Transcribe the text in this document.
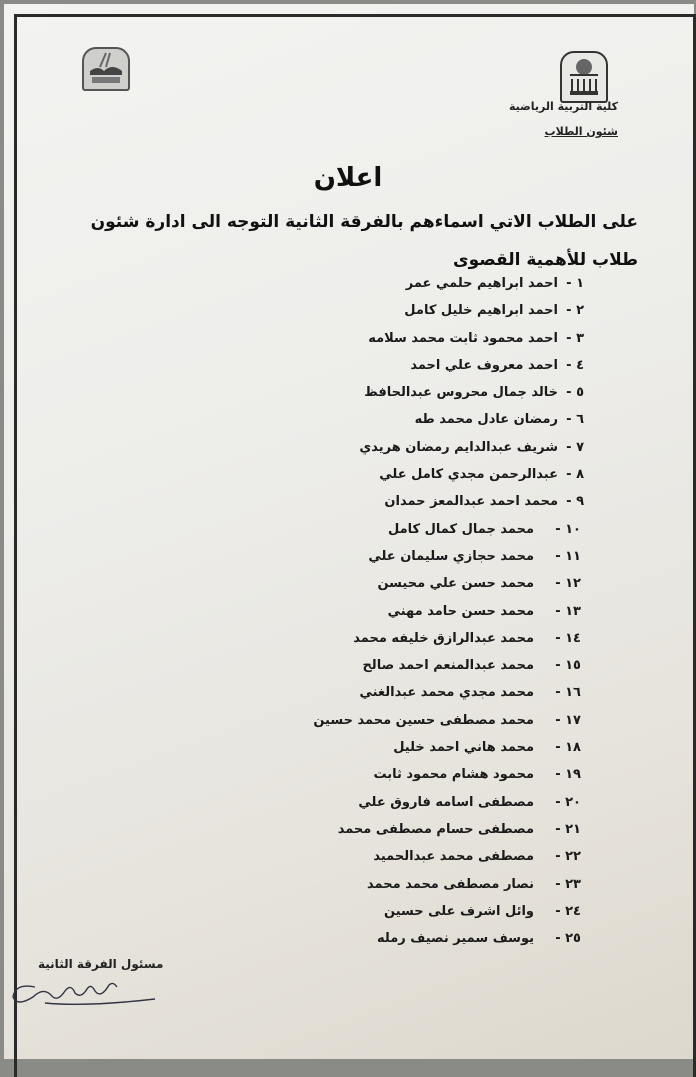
كلية التربية الرياضية
شئون الطلاب
اعلان
على الطلاب الاتي اسماءهم بالفرقة الثانية التوجه الى ادارة شئون طلاب للأهمية القصوى
١ -
احمد ابراهيم حلمي عمر
٢ -
احمد ابراهيم خليل كامل
٣ -
احمد محمود ثابت محمد سلامه
٤ -
احمد معروف علي احمد
٥ -
خالد جمال محروس عبدالحافظ
٦ -
رمضان عادل محمد طه
٧ -
شريف عبدالدايم رمضان هريدي
٨ -
عبدالرحمن مجدي كامل علي
٩ -
محمد احمد عبدالمعز حمدان
١٠ -
محمد جمال كمال كامل
١١ -
محمد حجازي سليمان علي
١٢ -
محمد حسن علي محيسن
١٣ -
محمد حسن حامد مهني
١٤ -
محمد عبدالرازق خليفه محمد
١٥ -
محمد عبدالمنعم احمد صالح
١٦ -
محمد مجدي محمد عبدالغني
١٧ -
محمد مصطفى حسين محمد حسين
١٨ -
محمد هاني احمد خليل
١٩ -
محمود هشام محمود ثابت
٢٠ -
مصطفى اسامه فاروق علي
٢١ -
مصطفى حسام مصطفى محمد
٢٢ -
مصطفى محمد عبدالحميد
٢٣ -
نصار مصطفى محمد محمد
٢٤ -
وائل اشرف على حسين
٢٥ -
يوسف سمير نصيف رمله
مسئول الفرقة الثانية
